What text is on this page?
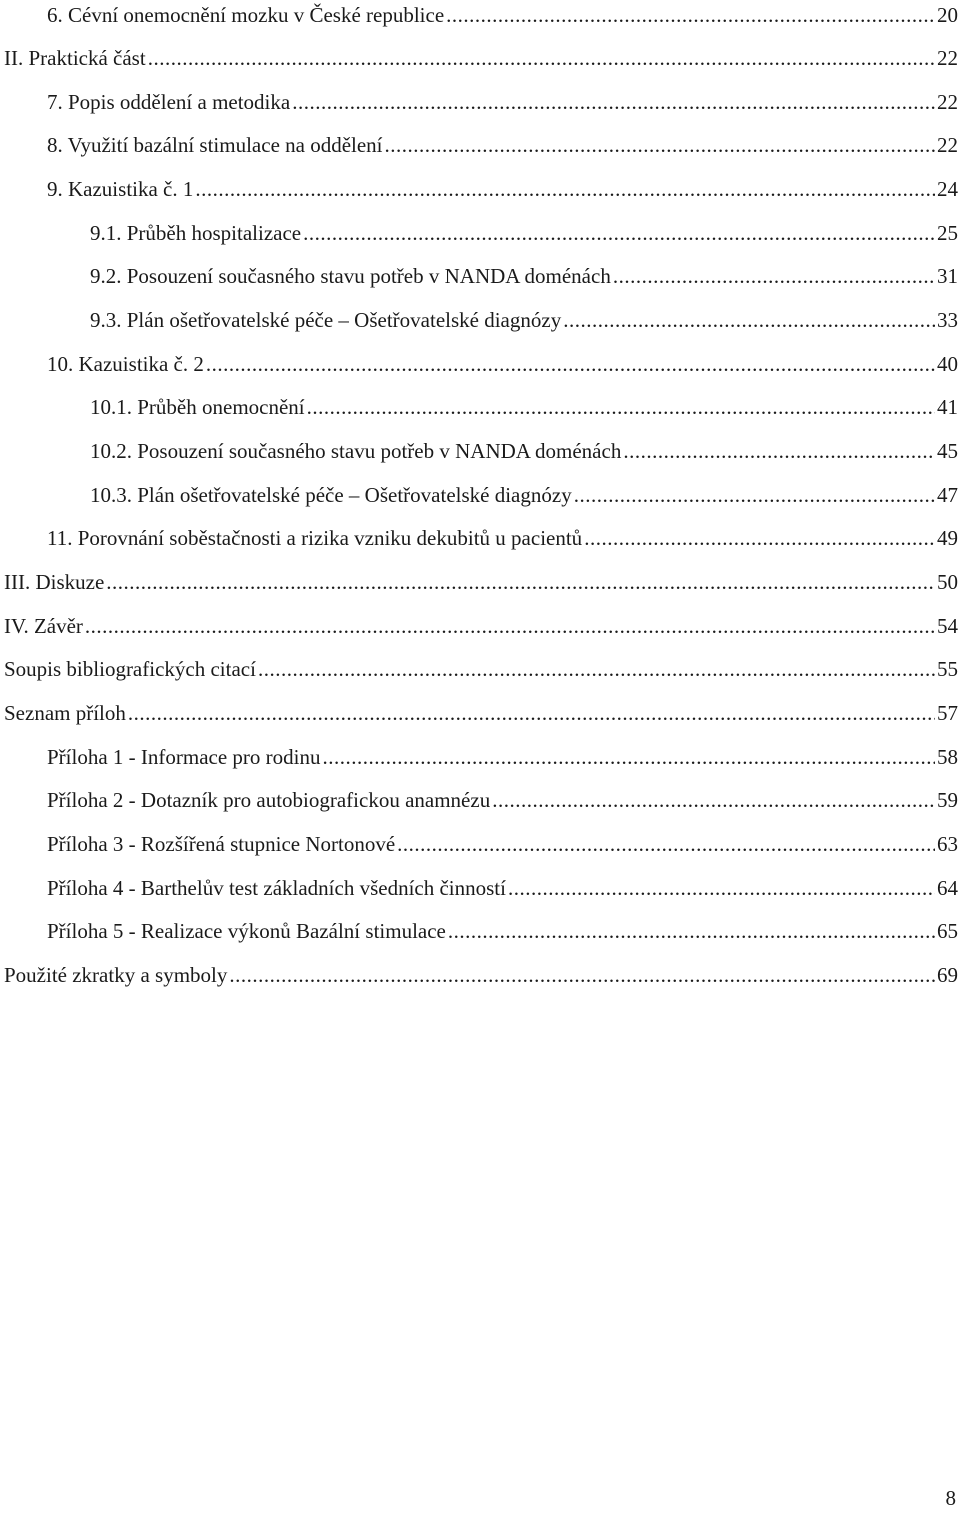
6. Cévní onemocnění mozku v České republice .....	20
II. Praktická část .....	22
7. Popis oddělení a metodika .....	22
8. Využití bazální stimulace na oddělení .....	22
9. Kazuistika č. 1 .....	24
9.1. Průběh hospitalizace .....	25
9.2. Posouzení současného stavu potřeb v NANDA doménách .....	31
9.3. Plán ošetřovatelské péče – Ošetřovatelské diagnózy .....	33
10. Kazuistika č. 2 .....	40
10.1. Průběh onemocnění .....	41
10.2. Posouzení současného stavu potřeb v NANDA doménách .....	45
10.3. Plán ošetřovatelské péče – Ošetřovatelské diagnózy .....	47
11. Porovnání soběstačnosti a rizika vzniku dekubitů u pacientů .....	49
III. Diskuze .....	50
IV. Závěr .....	54
Soupis bibliografických citací .....	55
Seznam příloh .....	57
Příloha 1 - Informace pro rodinu .....	58
Příloha 2 - Dotazník pro autobiografickou anamnézu .....	59
Příloha 3 - Rozšířená stupnice Nortonové .....	63
Příloha 4 - Barthelův test základních všedních činností .....	64
Příloha 5 - Realizace výkonů Bazální stimulace .....	65
Použité zkratky a symboly .....	69
8
